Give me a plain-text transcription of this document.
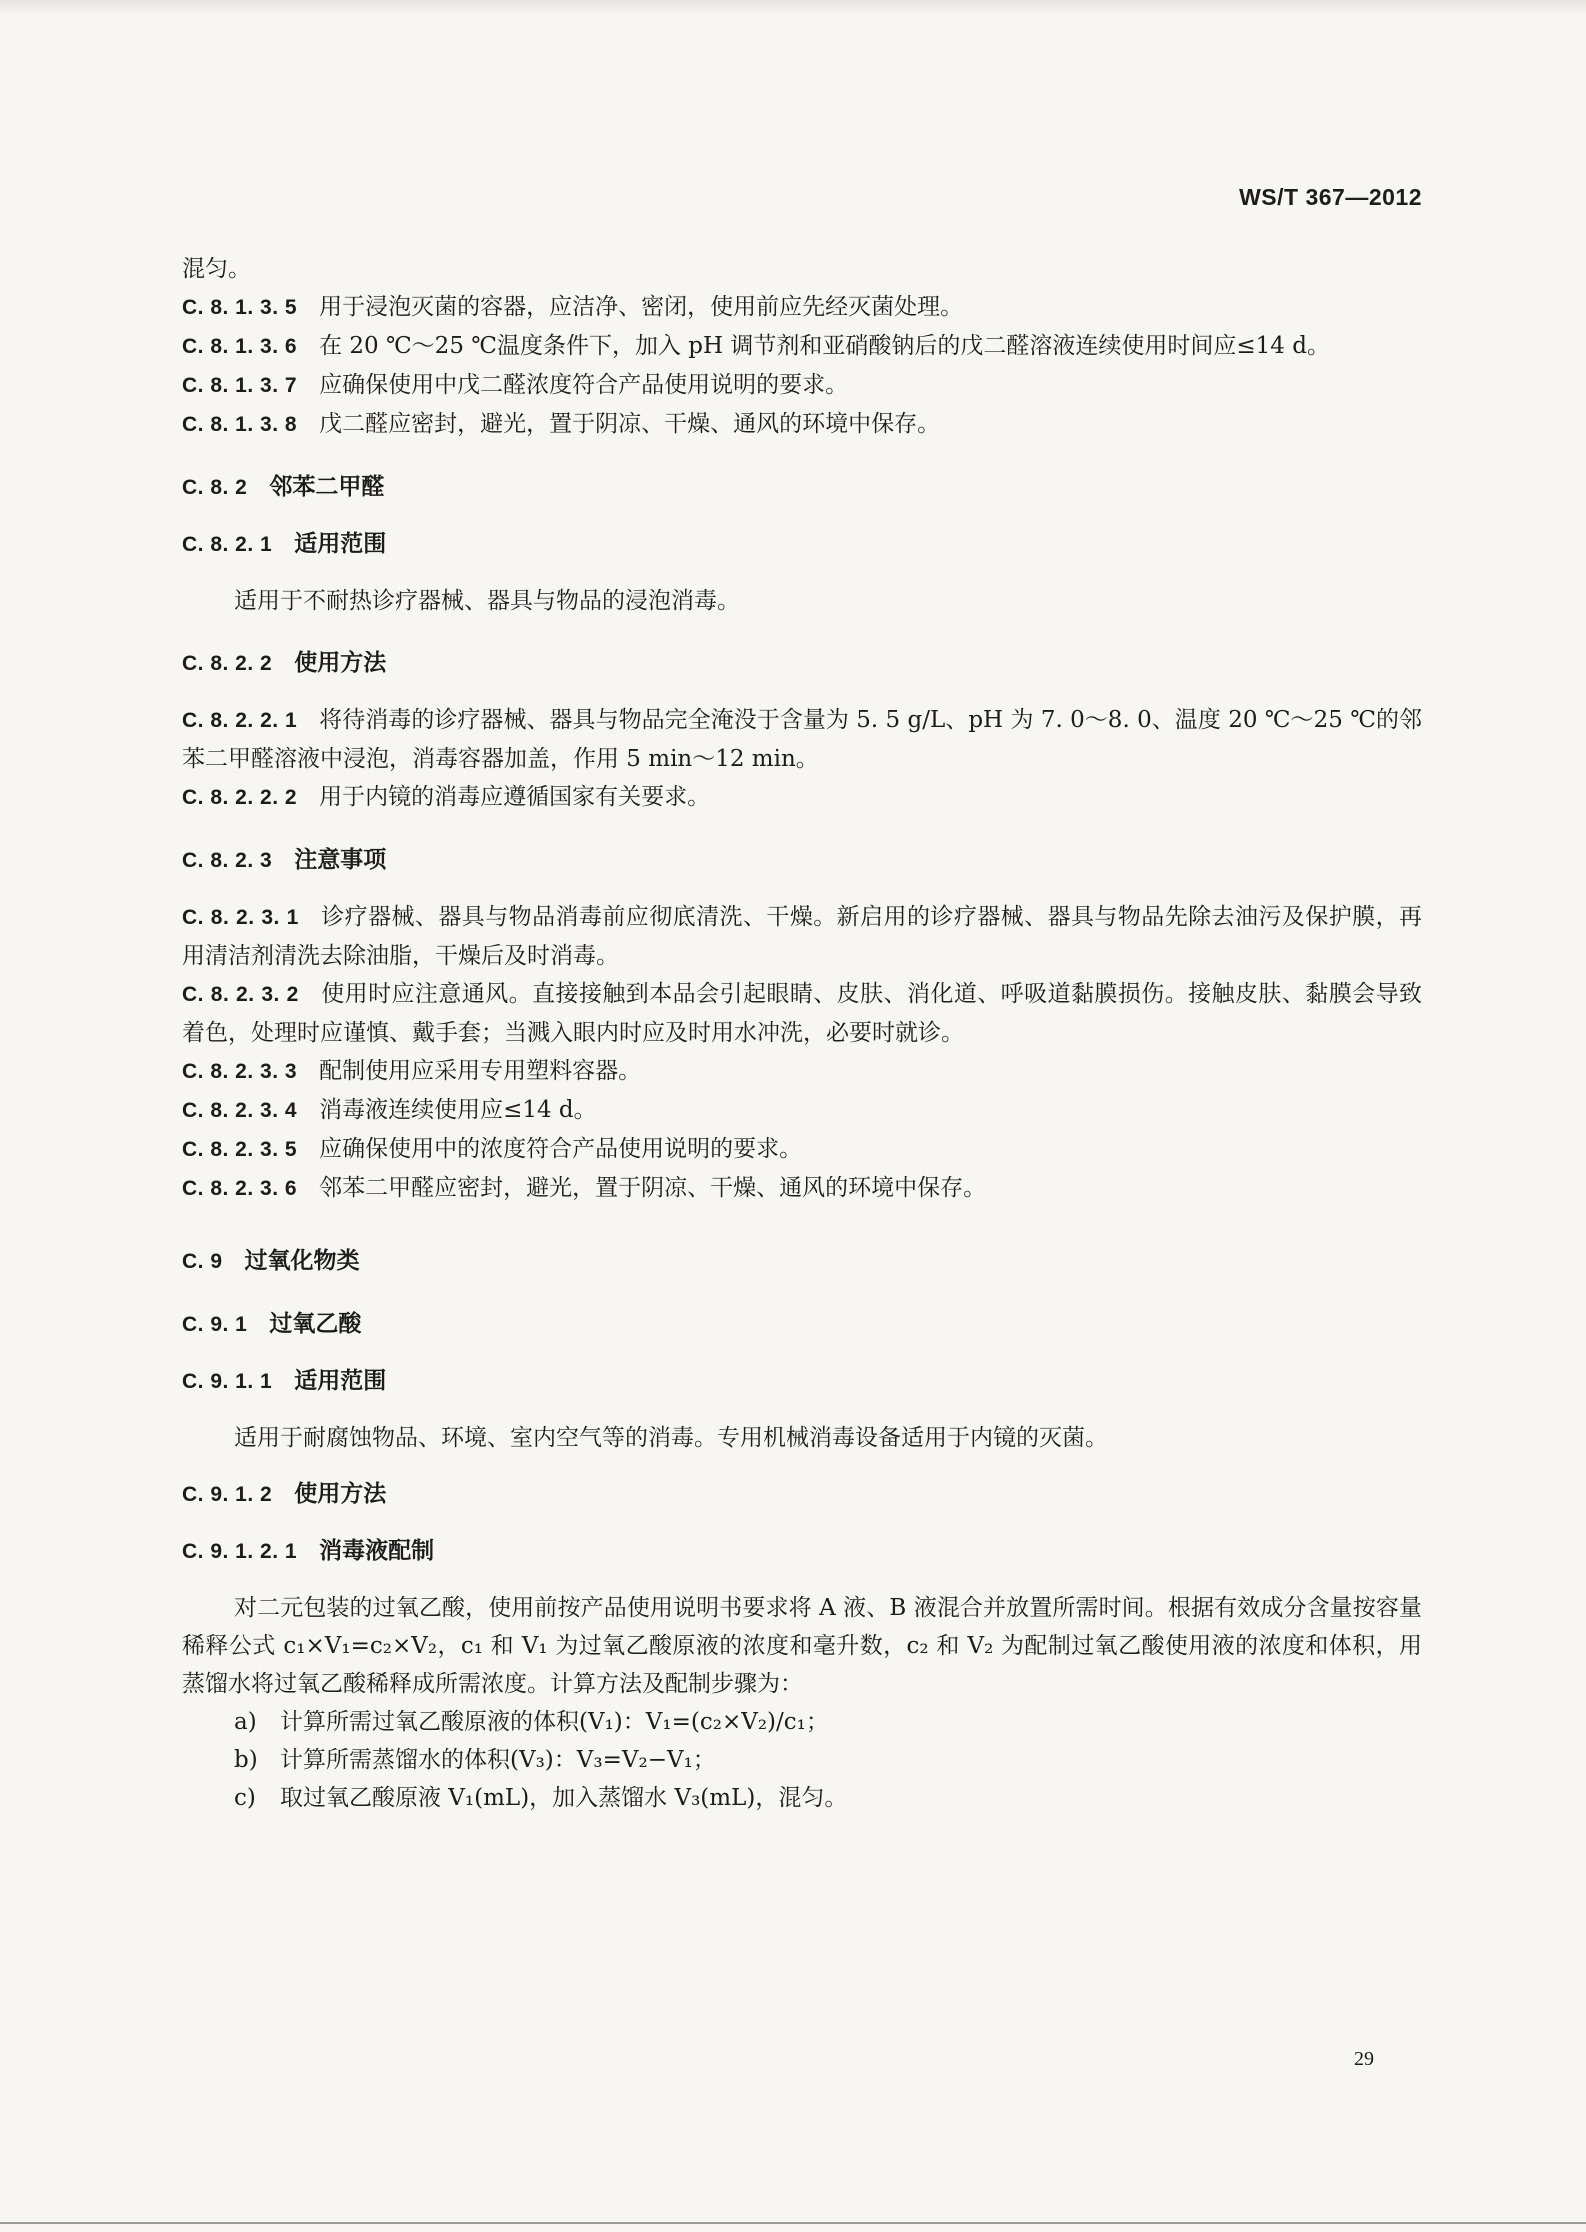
WS/T 367—2012
混匀。
C. 8. 1. 3. 5 用于浸泡灭菌的容器，应洁净、密闭，使用前应先经灭菌处理。
C. 8. 1. 3. 6 在 20 ℃～25 ℃温度条件下，加入 pH 调节剂和亚硝酸钠后的戊二醛溶液连续使用时间应≤14 d。
C. 8. 1. 3. 7 应确保使用中戊二醛浓度符合产品使用说明的要求。
C. 8. 1. 3. 8 戊二醛应密封，避光，置于阴凉、干燥、通风的环境中保存。
C. 8. 2 邻苯二甲醛
C. 8. 2. 1 适用范围
适用于不耐热诊疗器械、器具与物品的浸泡消毒。
C. 8. 2. 2 使用方法
C. 8. 2. 2. 1 将待消毒的诊疗器械、器具与物品完全淹没于含量为 5. 5 g/L、pH 为 7. 0～8. 0、温度 20 ℃～25 ℃的邻苯二甲醛溶液中浸泡，消毒容器加盖，作用 5 min～12 min。
C. 8. 2. 2. 2 用于内镜的消毒应遵循国家有关要求。
C. 8. 2. 3 注意事项
C. 8. 2. 3. 1 诊疗器械、器具与物品消毒前应彻底清洗、干燥。新启用的诊疗器械、器具与物品先除去油污及保护膜，再用清洁剂清洗去除油脂，干燥后及时消毒。
C. 8. 2. 3. 2 使用时应注意通风。直接接触到本品会引起眼睛、皮肤、消化道、呼吸道黏膜损伤。接触皮肤、黏膜会导致着色，处理时应谨慎、戴手套；当溅入眼内时应及时用水冲洗，必要时就诊。
C. 8. 2. 3. 3 配制使用应采用专用塑料容器。
C. 8. 2. 3. 4 消毒液连续使用应≤14 d。
C. 8. 2. 3. 5 应确保使用中的浓度符合产品使用说明的要求。
C. 8. 2. 3. 6 邻苯二甲醛应密封，避光，置于阴凉、干燥、通风的环境中保存。
C. 9 过氧化物类
C. 9. 1 过氧乙酸
C. 9. 1. 1 适用范围
适用于耐腐蚀物品、环境、室内空气等的消毒。专用机械消毒设备适用于内镜的灭菌。
C. 9. 1. 2 使用方法
C. 9. 1. 2. 1 消毒液配制
对二元包装的过氧乙酸，使用前按产品使用说明书要求将 A 液、B 液混合并放置所需时间。根据有效成分含量按容量稀释公式 c₁×V₁=c₂×V₂，c₁ 和 V₁ 为过氧乙酸原液的浓度和毫升数，c₂ 和 V₂ 为配制过氧乙酸使用液的浓度和体积，用蒸馏水将过氧乙酸稀释成所需浓度。计算方法及配制步骤为：
a) 计算所需过氧乙酸原液的体积(V₁)：V₁=(c₂×V₂)/c₁；
b) 计算所需蒸馏水的体积(V₃)：V₃=V₂−V₁；
c) 取过氧乙酸原液 V₁(mL)，加入蒸馏水 V₃(mL)，混匀。
29
